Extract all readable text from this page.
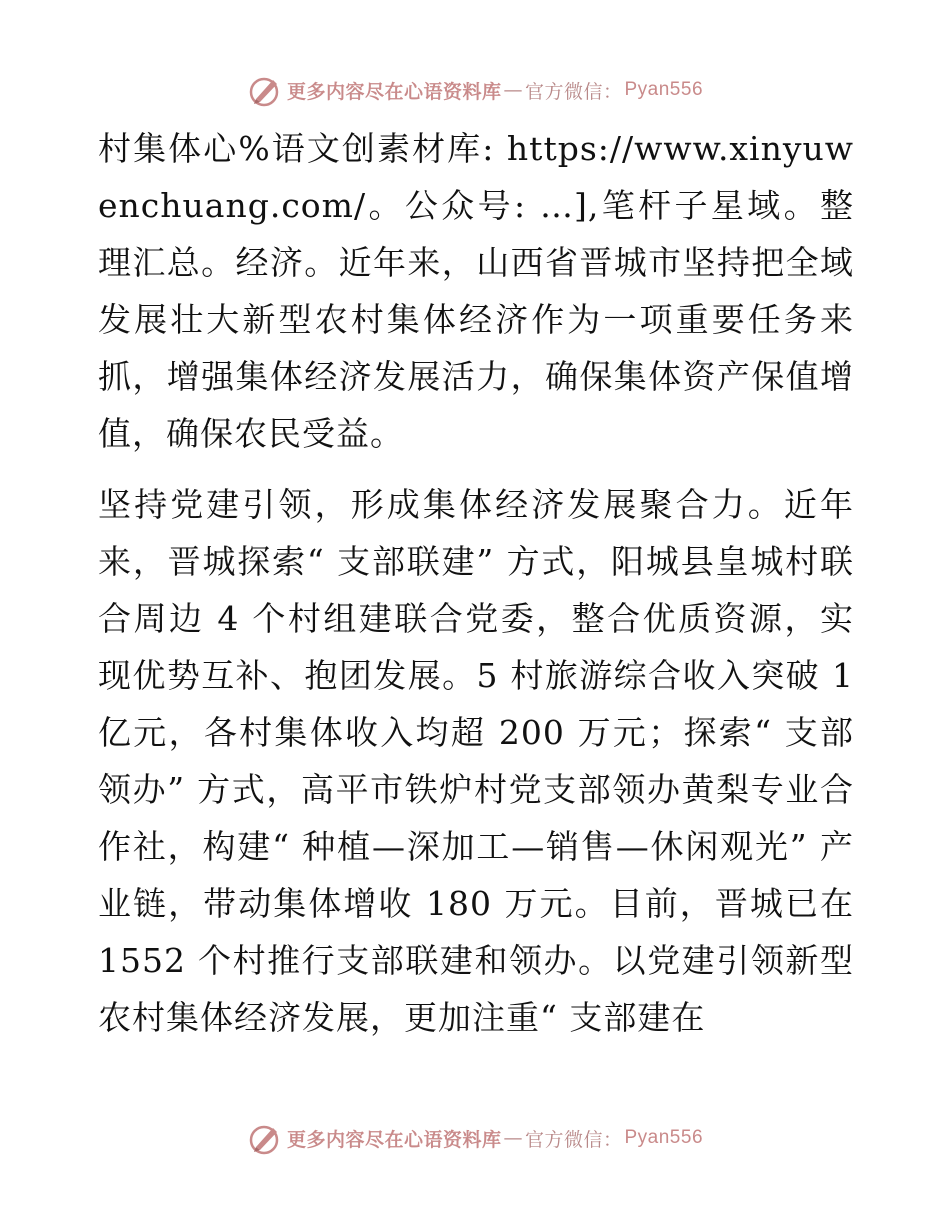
更多内容尽在心语资料库 — 官方微信： Pyan556

村集体心%语文创素材库: https://www.xinyuwenchuang.com/。公众号: …],笔杆子星域。整理汇总。经济。近年来，山西省晋城市坚持把全域发展壮大新型农村集体经济作为一项重要任务来抓，增强集体经济发展活力，确保集体资产保值增值，确保农民受益。

坚持党建引领，形成集体经济发展聚合力。近年来，晋城探索“ 支部联建” 方式，阳城县皇城村联合周边 4 个村组建联合党委，整合优质资源，实现优势互补、抱团发展。5 村旅游综合收入突破 1 亿元，各村集体收入均超 200 万元；探索“ 支部领办” 方式，高平市铁炉村党支部领办黄梨专业合作社，构建“ 种植—深加工—销售—休闲观光” 产业链，带动集体增收 180 万元。目前，晋城已在 1552 个村推行支部联建和领办。以党建引领新型农村集体经济发展，更加注重“ 支部建在

更多内容尽在心语资料库 — 官方微信： Pyan556
